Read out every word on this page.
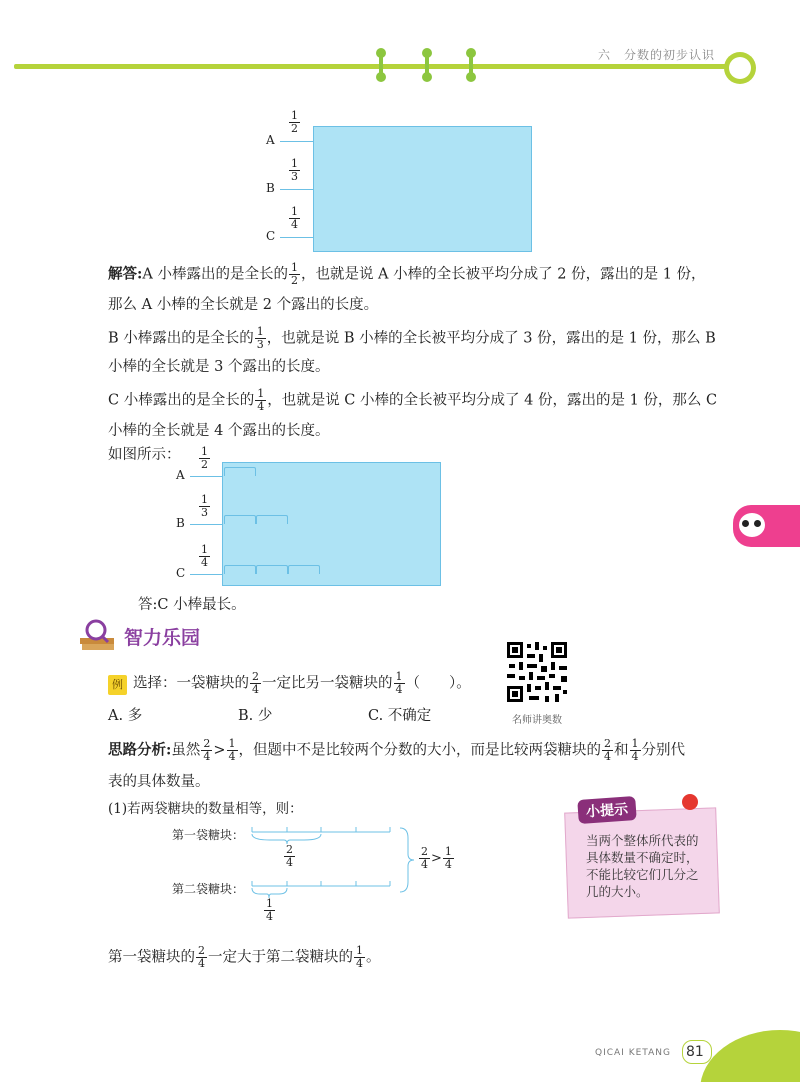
六　分数的初步认识
A
B
C
$\frac{1}{2}$
$\frac{1}{3}$
$\frac{1}{4}$
解答:A 小棒露出的是全长的 $\frac{1}{2}$ ，也就是说 A 小棒的全长被平均分成了 2 份，露出的是 1 份，
那么 A 小棒的全长就是 2 个露出的长度。
B 小棒露出的是全长的 $\frac{1}{3}$ ，也就是说 B 小棒的全长被平均分成了 3 份，露出的是 1 份，那么 B
小棒的全长就是 3 个露出的长度。
C 小棒露出的是全长的 $\frac{1}{4}$ ，也就是说 C 小棒的全长被平均分成了 4 份，露出的是 1 份，那么 C
小棒的全长就是 4 个露出的长度。
如图所示：
A
B
C
$\frac{1}{2}$
$\frac{1}{3}$
$\frac{1}{4}$
答:C 小棒最长。
智力乐园
例 选择：一袋糖块的 $\frac{2}{4}$ 一定比另一袋糖块的 $\frac{1}{4}$ （　　）。
A. 多	B. 少	C. 不确定	名师讲奥数
思路分析:虽然 $\frac{2}{4} > \frac{1}{4}$ ，但题中不是比较两个分数的大小，而是比较两袋糖块的 $\frac{2}{4}$ 和 $\frac{1}{4}$ 分别代
表的具体数量。
(1)若两袋糖块的数量相等，则：
第一袋糖块：
第二袋糖块：
$\frac{2}{4}$
$\frac{1}{4}$
$\frac{2}{4} > \frac{1}{4}$
第一袋糖块的 $\frac{2}{4}$ 一定大于第二袋糖块的 $\frac{1}{4}$ 。
小提示
当两个整体所代表的具体数量不确定时，不能比较它们几分之几的大小。
QICAI KETANG 81
